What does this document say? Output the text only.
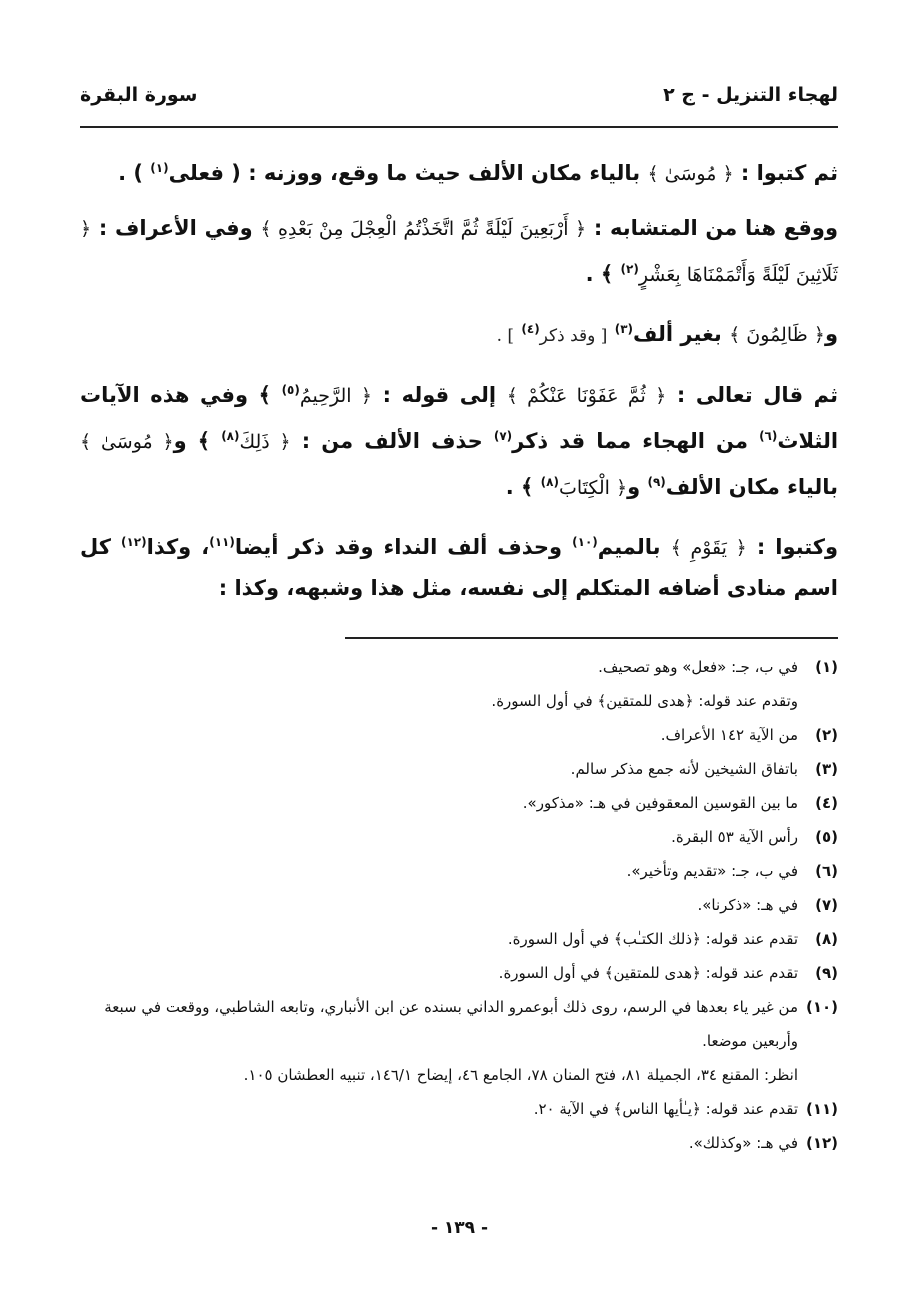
لهجاء التنزيل - ج ٢
سورة البقرة

ثم كتبوا : ﴿ مُوسَىٰ ﴾ بالياء مكان الألف حيث ما وقع، ووزنه : ( فعلى$^{(١)}$ ) .

ووقع هنا من المتشابه : ﴿ أَرْبَعِينَ لَيْلَةً ثُمَّ اتَّخَذْتُمُ الْعِجْلَ مِنْ بَعْدِهِ ﴾ وفي الأعراف : ﴿ ثَلَاثِينَ لَيْلَةً وَأَتْمَمْنَاهَا بِعَشْرٍ$^{(٢)}$ ﴾ .

و﴿ ظَالِمُونَ ﴾ بغير ألف$^{(٣)}$ [ وقد ذكر$^{(٤)}$ ] .

ثم قال تعالى : ﴿ ثُمَّ عَفَوْنَا عَنْكُمْ ﴾ إلى قوله : ﴿ الرَّحِيمُ$^{(٥)}$ ﴾ وفي هذه الآيات الثلاث$^{(٦)}$ من الهجاء مما قد ذكر$^{(٧)}$ حذف الألف من : ﴿ ذَلِكَ$^{(٨)}$ ﴾ و﴿ مُوسَىٰ ﴾ بالياء مكان الألف$^{(٩)}$ و﴿ الْكِتَابَ$^{(٨)}$ ﴾ .

وكتبوا : ﴿ يَقَوْمِ ﴾ بالميم$^{(١٠)}$ وحذف ألف النداء وقد ذكر أيضا$^{(١١)}$، وكذا$^{(١٢)}$ كل اسم منادى أضافه المتكلم إلى نفسه، مثل هذا وشبهه، وكذا :

(١)
في ب، جـ: «فعل» وهو تصحيف.

وتقدم عند قوله: ﴿هدى للمتقين﴾ في أول السورة.

(٢)
من الآية ١٤٢ الأعراف.

(٣)
باتفاق الشيخين لأنه جمع مذكر سالم.

(٤)
ما بين القوسين المعقوفين في هـ: «مذكور».

(٥)
رأس الآية ٥٣ البقرة.

(٦)
في ب، جـ: «تقديم وتأخير».

(٧)
في هـ: «ذكرنا».

(٨)
تقدم عند قوله: ﴿ذلك الكتـٰب﴾ في أول السورة.

(٩)
تقدم عند قوله: ﴿هدى للمتقين﴾ في أول السورة.

(١٠)
من غير ياء بعدها في الرسم، روى ذلك أبوعمرو الداني بسنده عن ابن الأنباري، وتابعه الشاطبي، ووقعت في سبعة وأربعين موضعا.

انظر: المقنع ٣٤، الجميلة ٨١، فتح المنان ٧٨، الجامع ٤٦، إيضاح ١٤٦/١، تنبيه العطشان ١٠٥.

(١١)
تقدم عند قوله: ﴿يـٰأيها الناس﴾ في الآية ٢٠.

(١٢)
في هـ: «وكذلك».

- ١٣٩ -
